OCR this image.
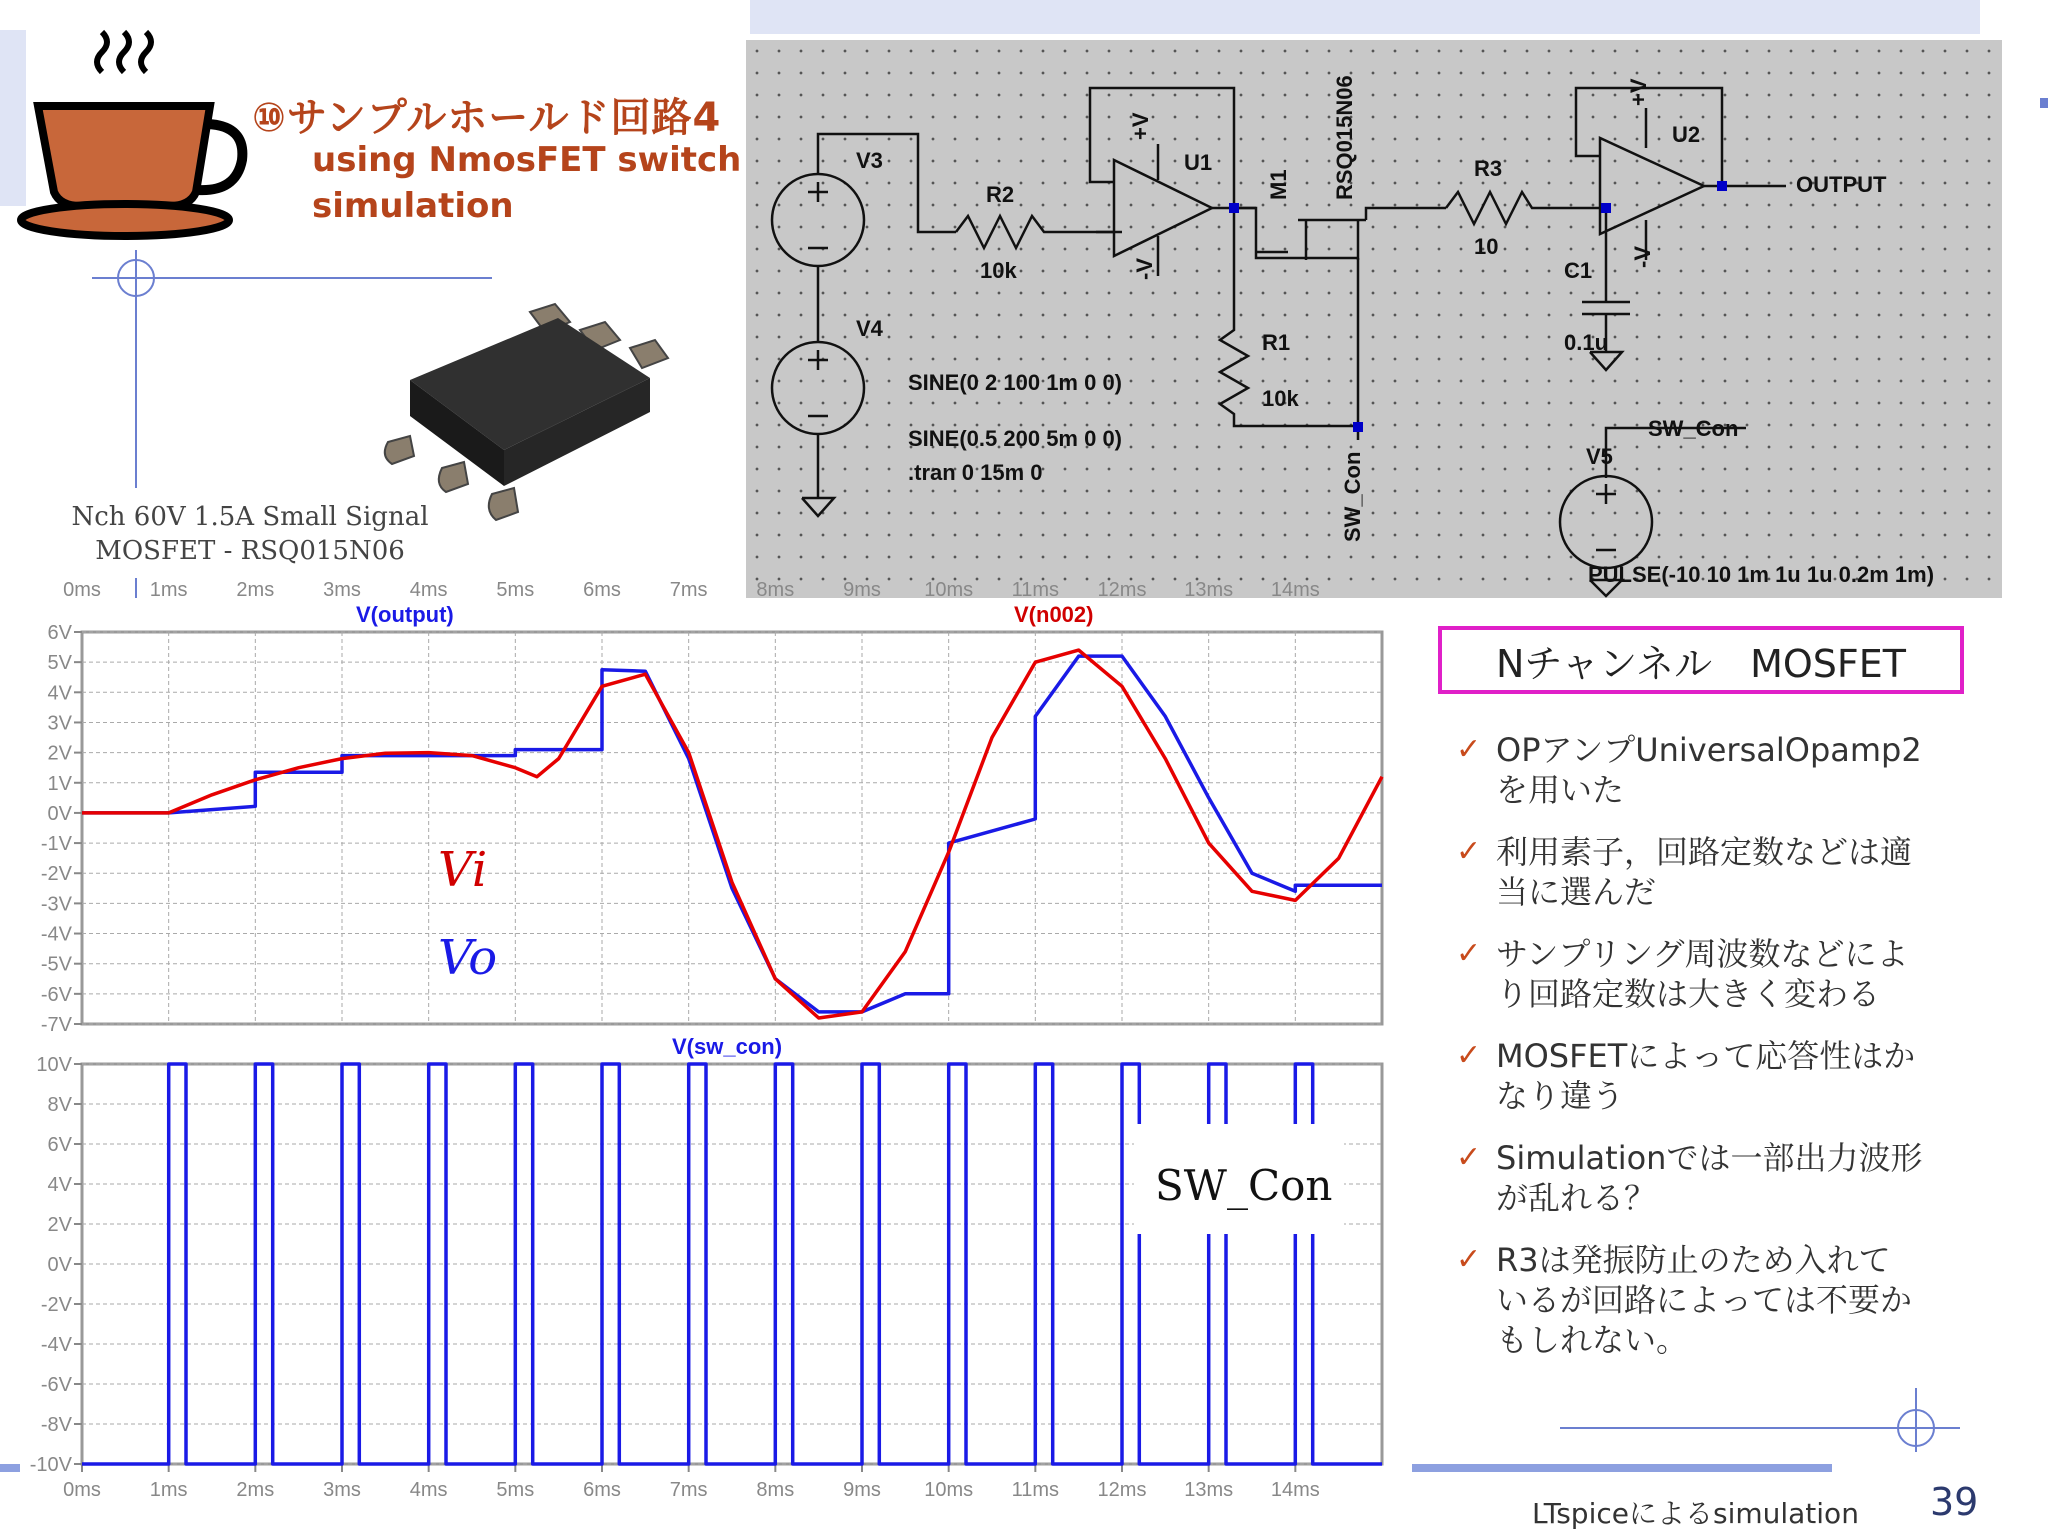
⑩サンプルホールド回路4
using NmosFET switch
simulation
Nch 60V 1.5A Small Signal
MOSFET - RSQ015N06
V3
V4
R2
10k
U1
+V
-V
M1 RSQ015N06
R1
10k
R3
10
C1
0.1u
U2
+V
-V
OUTPUT
SINE(0 2 100 1m 0 0)
SINE(0.5 200 5m 0 0)
.tran 0 15m 0	SW_Con
SW_Con
V5
PULSE(-10 10 1m 1u 1u 0.2m 1m)
6V
5V
4V
3V
2V
1V
0V
-1V
-2V
-3V
-4V
-5V
-6V
-7V
0ms 1ms 2ms 3ms 4ms 5ms 6ms 7ms 8ms 9ms 10ms 11ms 12ms 13ms 14ms
V(output)	V(n002)
Vi
Vo
10V
8V
6V
4V
2V
0V
-2V
-4V
-6V
-8V
-10V
0ms 1ms 2ms 3ms 4ms 5ms 6ms 7ms 8ms 9ms 10ms 11ms 12ms 13ms 14ms
V(sw_con)
SW_Con
Nチャンネル　MOSFET
✓ OPアンプUniversalOpamp2
を用いた
✓ 利用素子，回路定数などは適
当に選んだ
✓ サンプリング周波数などによ
り回路定数は大きく変わる
✓ MOSFETによって応答性はか
なり違う
✓ Simulationでは一部出力波形
が乱れる？
✓ R3は発振防止のため入れて
いるが回路によっては不要か
もしれない。
LTspiceによるsimulation 39
